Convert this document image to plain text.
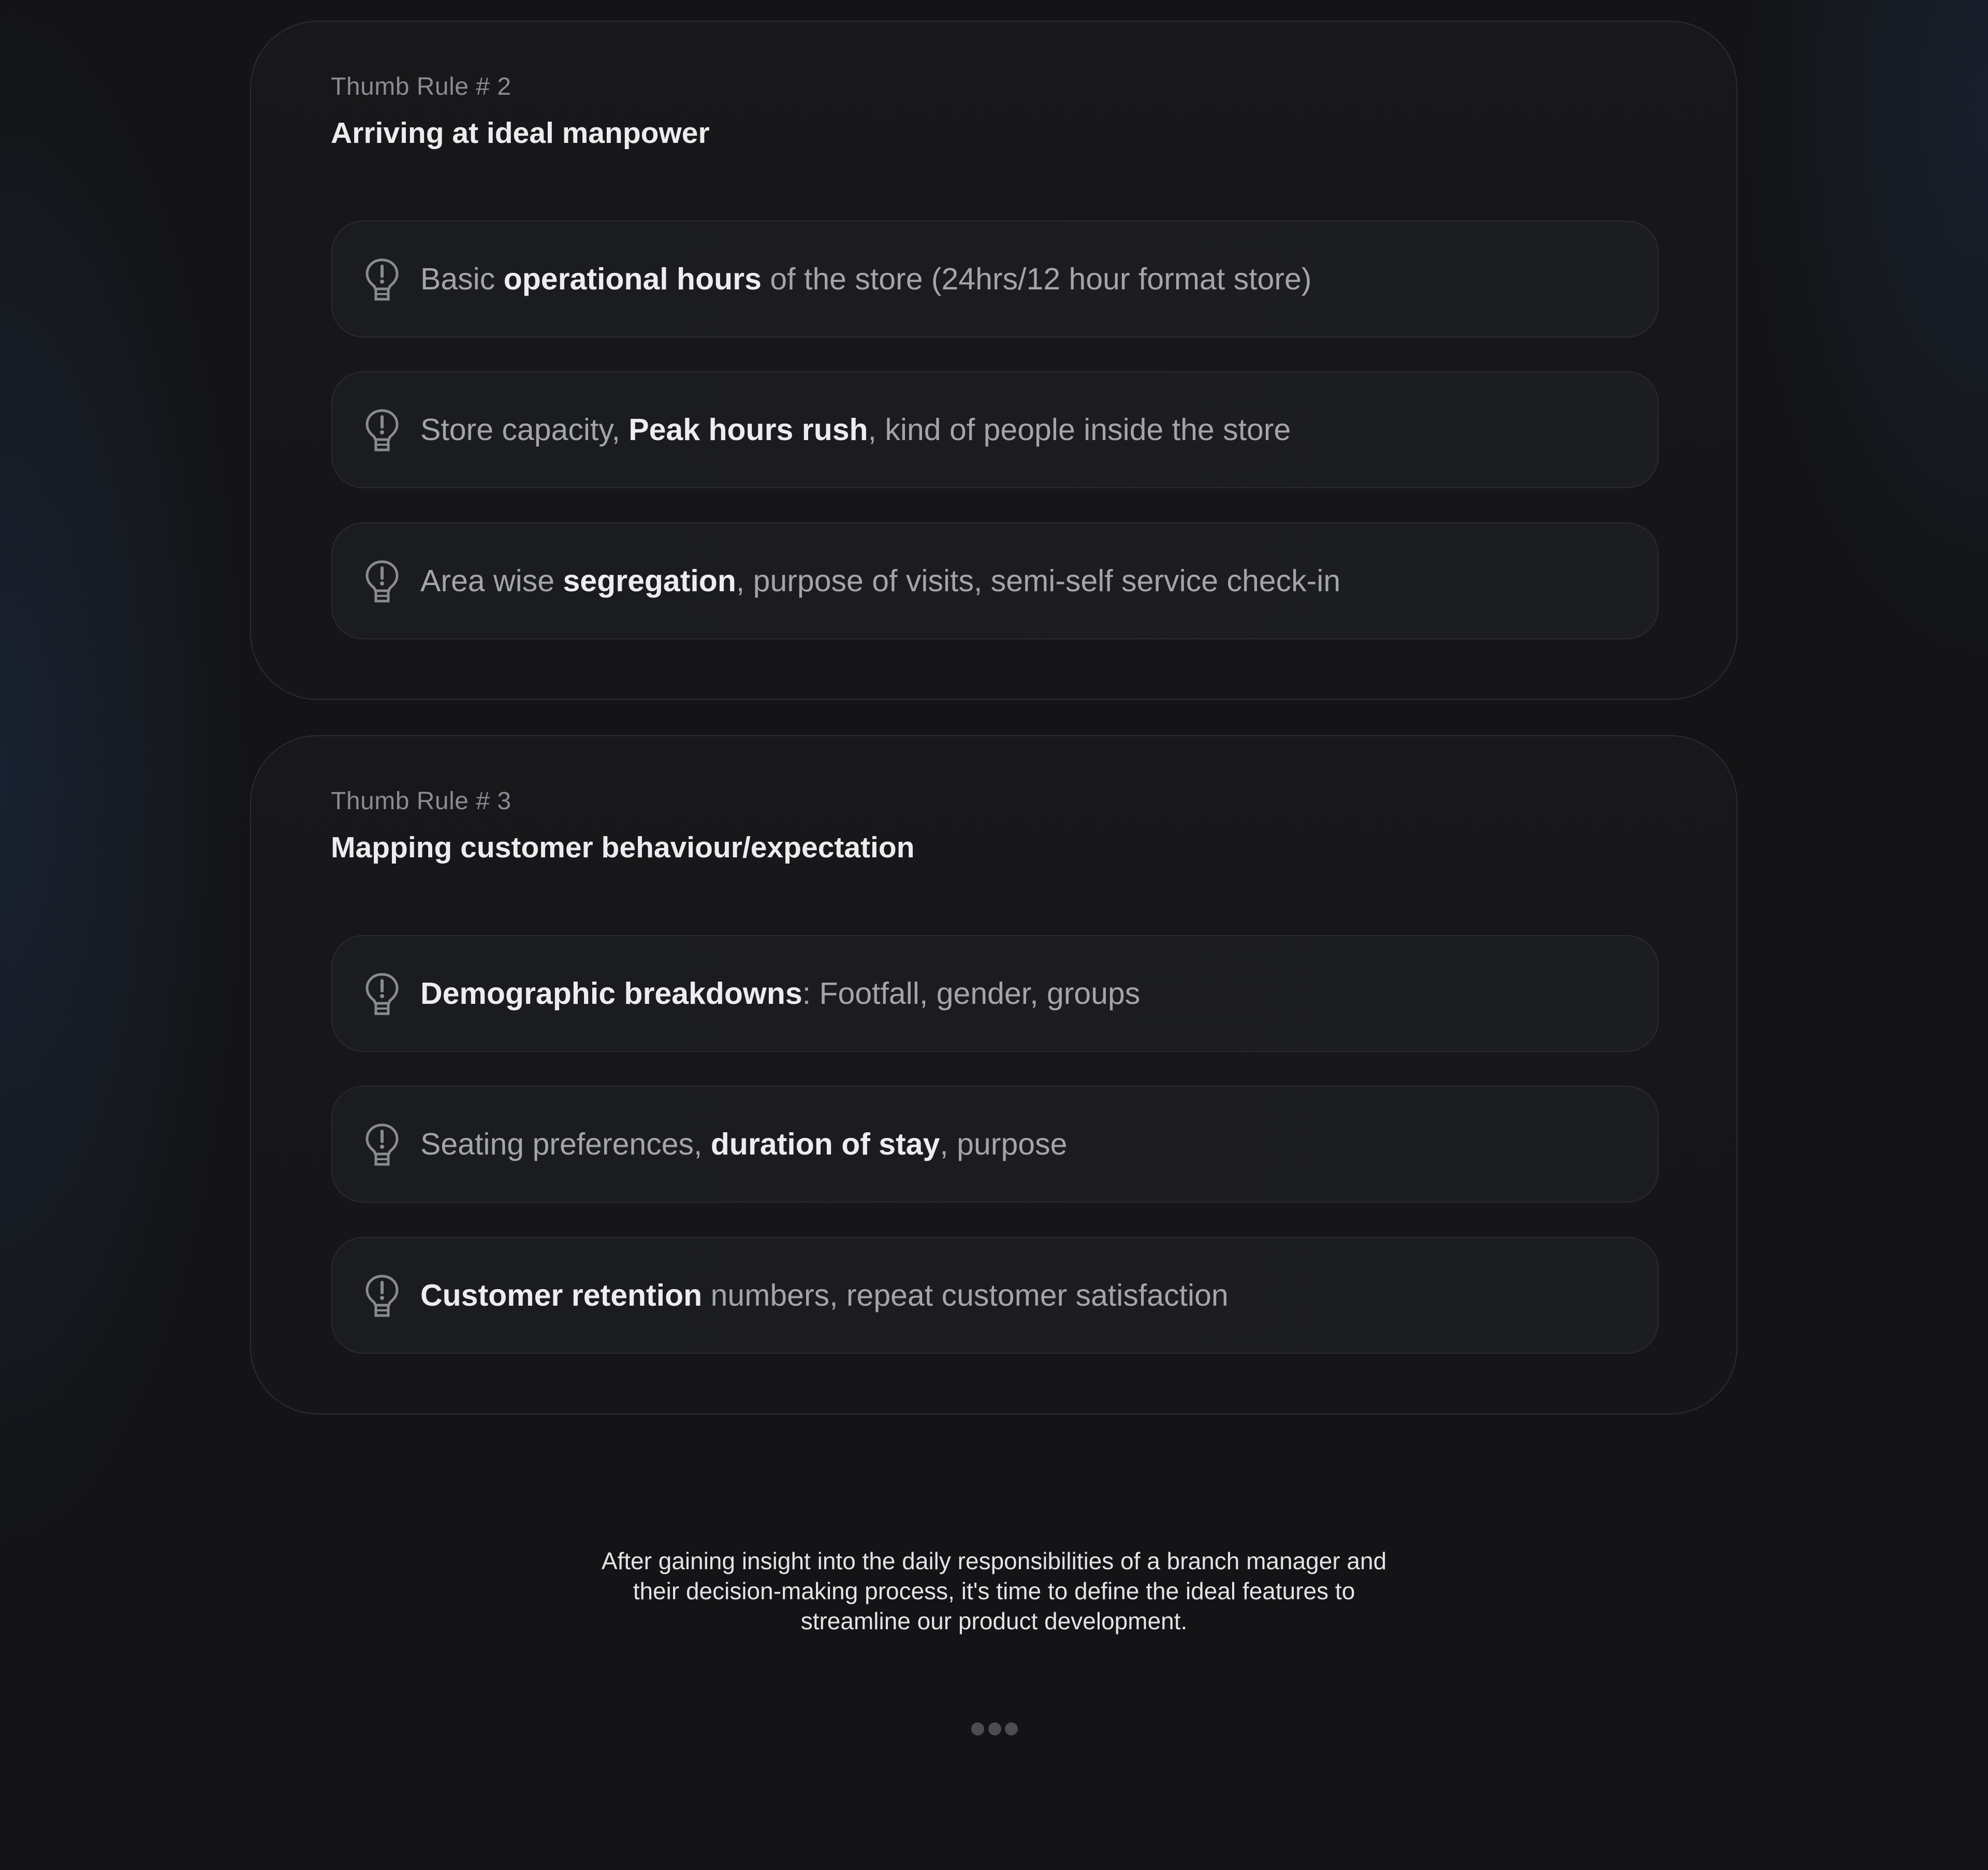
Thumb Rule # 2
Arriving at ideal manpower
Basic operational hours of the store (24hrs/12 hour format store)
Store capacity, Peak hours rush, kind of people inside the store
Area wise segregation, purpose of visits, semi-self service check-in
Thumb Rule # 3
Mapping customer behaviour/expectation
Demographic breakdowns: Footfall, gender, groups
Seating preferences, duration of stay, purpose
Customer retention numbers, repeat customer satisfaction

After gaining insight into the daily responsibilities of a branch manager and their decision-making process, it's time to define the ideal features to streamline our product development.
